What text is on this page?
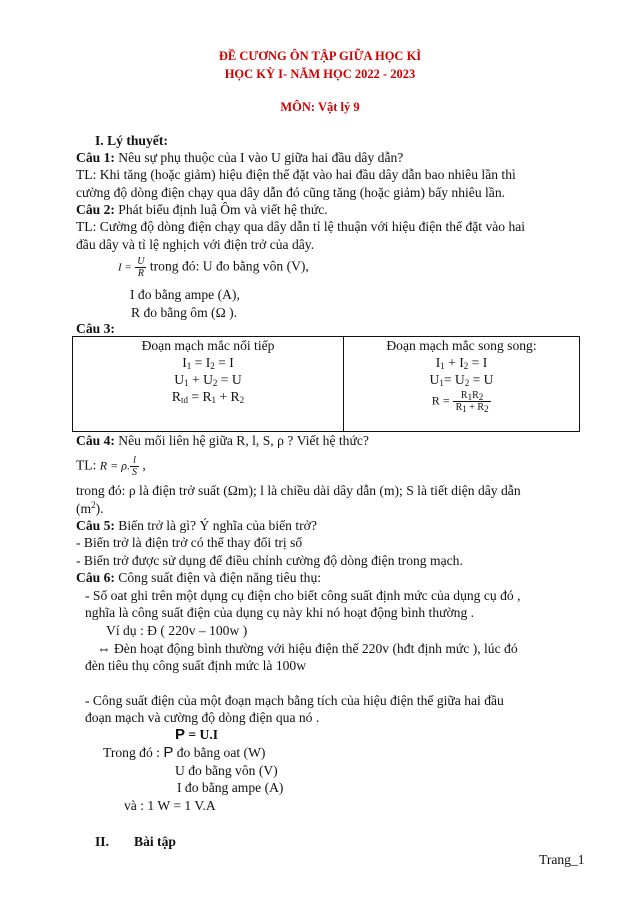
ĐỀ CƯƠNG ÔN TẬP GIỮA HỌC KÌ
HỌC KỲ I- NĂM HỌC 2022 - 2023
MÔN: Vật lý 9
I. Lý thuyết:
Câu 1: Nêu sự phụ thuộc của I vào U giữa hai đầu dây dẫn?
TL: Khi tăng (hoặc giảm) hiệu điện thế đặt vào hai đầu dây dẫn bao nhiêu lần thì
cường độ dòng điện chạy qua dây dẫn đó cũng tăng (hoặc giảm) bấy nhiêu lần.
Câu 2: Phát biểu định luậ Ôm và viết hệ thức.
TL: Cường độ dòng điện chạy qua dây dẫn tỉ lệ thuận với hiệu điện thế đặt vào hai
đầu dây và tỉ lệ nghịch với điện trở của dây.
$I = \frac{U}{R}$ trong đó: U đo bằng vôn (V),
I đo bằng ampe (A),
R đo bằng ôm (Ω ).
Câu 3:
Đoạn mạch mắc nối tiếp
$I_1 = I_2 = I$
$U_1 + U_2 = U$
$R_{td} = R_1 + R_2$

Đoạn mạch mắc song song:
$I_1 + I_2 = I$
$U_1= U_2 = U$
$R = \frac{R_1R_2}{R_1 + R_2}$
Câu 4: Nêu mối liên hệ giữa R, l, S, ρ ? Viết hệ thức?
TL: R = ρ. $\frac{l}{S}$ ,
trong đó: ρ là điện trở suất (Ωm); l là chiều dài dây dẫn (m); S là tiết diện dây dẫn
$(m^2)$.
Câu 5: Biến trở là gì? Ý nghĩa của biến trở?
- Biến trở là điện trở có thể thay đổi trị số
- Biến trở được sử dụng để điều chỉnh cường độ dòng điện trong mạch.
Câu 6: Công suất điện và điện năng tiêu thụ:
- Số oat ghi trên một dụng cụ điện cho biết công suất định mức của dụng cụ đó ,
nghĩa là công suất điện của dụng cụ này khi nó hoạt động bình thường .
Ví dụ : Đ ( 220v – 100w )
⇔ Đèn hoạt động bình thường với hiệu điện thế 220v (hđt định mức ), lúc đó
đèn tiêu thụ công suất định mức là 100w
- Công suất điện của một đoạn mạch bằng tích của hiệu điện thế giữa hai đầu
đoạn mạch và cường độ dòng điện qua nó .
P = U.I
Trong đó : P đo bằng oat (W)
U đo bằng vôn (V)
I đo bằng ampe (A)
và : 1 W = 1 V.A
II. Bài tập
Trang_1
